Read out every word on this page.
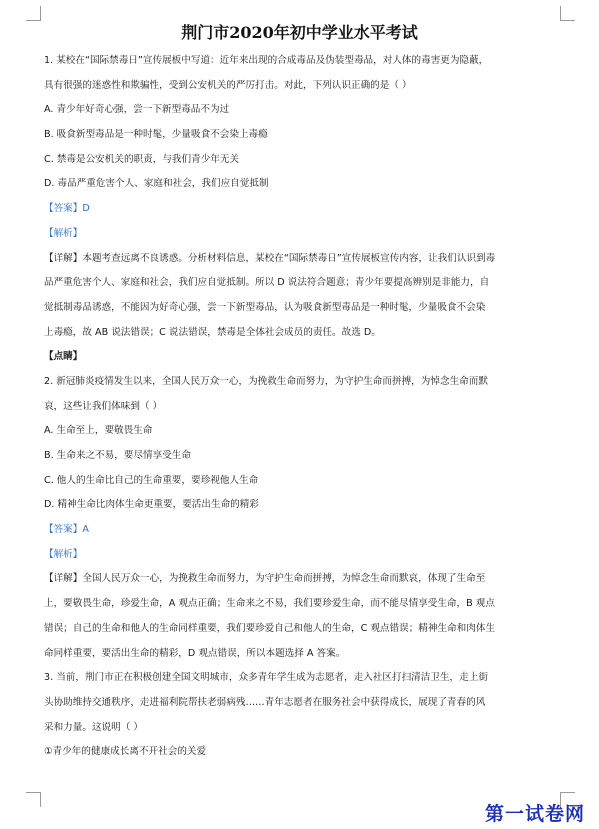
荆门市2020年初中学业水平考试
1. 某校在“国际禁毒日”宣传展板中写道：近年来出现的合成毒品及伪装型毒品，对人体的毒害更为隐蔽，
具有很强的迷惑性和欺骗性，受到公安机关的严厉打击。对此，下列认识正确的是（ ）
A. 青少年好奇心强，尝一下新型毒品不为过
B. 吸食新型毒品是一种时髦，少量吸食不会染上毒瘾
C. 禁毒是公安机关的职责，与我们青少年无关
D. 毒品严重危害个人、家庭和社会，我们应自觉抵制
【答案】D
【解析】
【详解】本题考查远离不良诱惑。分析材料信息，某校在“国际禁毒日”宣传展板宣传内容，让我们认识到毒
品严重危害个人、家庭和社会，我们应自觉抵制。所以 D 说法符合题意；青少年要提高辨别是非能力，自
觉抵制毒品诱惑，不能因为好奇心强，尝一下新型毒品，认为吸食新型毒品是一种时髦，少量吸食不会染
上毒瘾，故 AB 说法错误；C 说法错误，禁毒是全体社会成员的责任。故选 D。
【点睛】
2. 新冠肺炎疫情发生以来，全国人民万众一心，为挽救生命而努力，为守护生命而拼搏，为悼念生命而默
哀，这些让我们体味到（ ）
A. 生命至上，要敬畏生命
B. 生命来之不易，要尽情享受生命
C. 他人的生命比自己的生命重要，要珍视他人生命
D. 精神生命比肉体生命更重要，要活出生命的精彩
【答案】A
【解析】
【详解】全国人民万众一心，为挽救生命而努力，为守护生命而拼搏，为悼念生命而默哀，体现了生命至
上，要敬畏生命，珍爱生命，A 观点正确；生命来之不易，我们要珍爱生命，而不能尽情享受生命，B 观点
错误；自己的生命和他人的生命同样重要，我们要珍爱自己和他人的生命，C 观点错误；精神生命和肉体生
命同样重要，要活出生命的精彩，D 观点错误，所以本题选择 A 答案。
3. 当前，荆门市正在积极创建全国文明城市，众多青年学生成为志愿者，走入社区打扫清洁卫生，走上街
头协助维持交通秩序，走进福利院帮扶老弱病残……青年志愿者在服务社会中获得成长，展现了青春的风
采和力量。这说明（ ）
①青少年的健康成长离不开社会的关爱
第一试卷网
